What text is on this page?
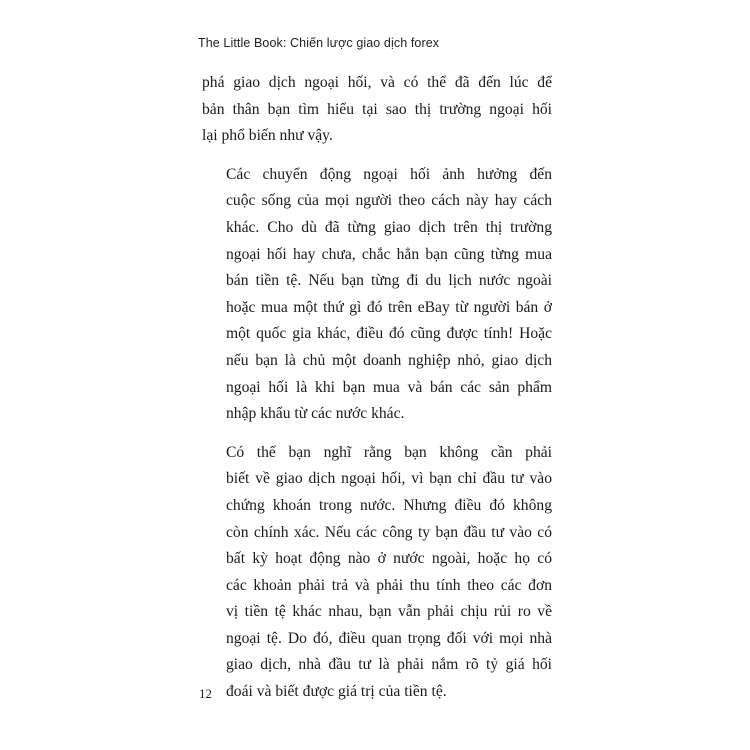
The Little Book: Chiến lược giao dịch forex

phá giao dịch ngoại hối, và có thể đã đến lúc để
bản thân bạn tìm hiểu tại sao thị trường ngoại hối
lại phổ biến như vậy.

Các chuyển động ngoại hối ảnh hưởng đến
cuộc sống của mọi người theo cách này hay cách
khác. Cho dù đã từng giao dịch trên thị trường
ngoại hối hay chưa, chắc hẳn bạn cũng từng mua
bán tiền tệ. Nếu bạn từng đi du lịch nước ngoài
hoặc mua một thứ gì đó trên eBay từ người bán ở
một quốc gia khác, điều đó cũng được tính! Hoặc
nếu bạn là chủ một doanh nghiệp nhỏ, giao dịch
ngoại hối là khi bạn mua và bán các sản phẩm
nhập khẩu từ các nước khác.

Có thể bạn nghĩ rằng bạn không cần phải
biết về giao dịch ngoại hối, vì bạn chỉ đầu tư vào
chứng khoán trong nước. Nhưng điều đó không
còn chính xác. Nếu các công ty bạn đầu tư vào có
bất kỳ hoạt động nào ở nước ngoài, hoặc họ có
các khoản phải trả và phải thu tính theo các đơn
vị tiền tệ khác nhau, bạn vẫn phải chịu rủi ro về
ngoại tệ. Do đó, điều quan trọng đối với mọi nhà
giao dịch, nhà đầu tư là phải nắm rõ tỷ giá hối
đoái và biết được giá trị của tiền tệ.

12
